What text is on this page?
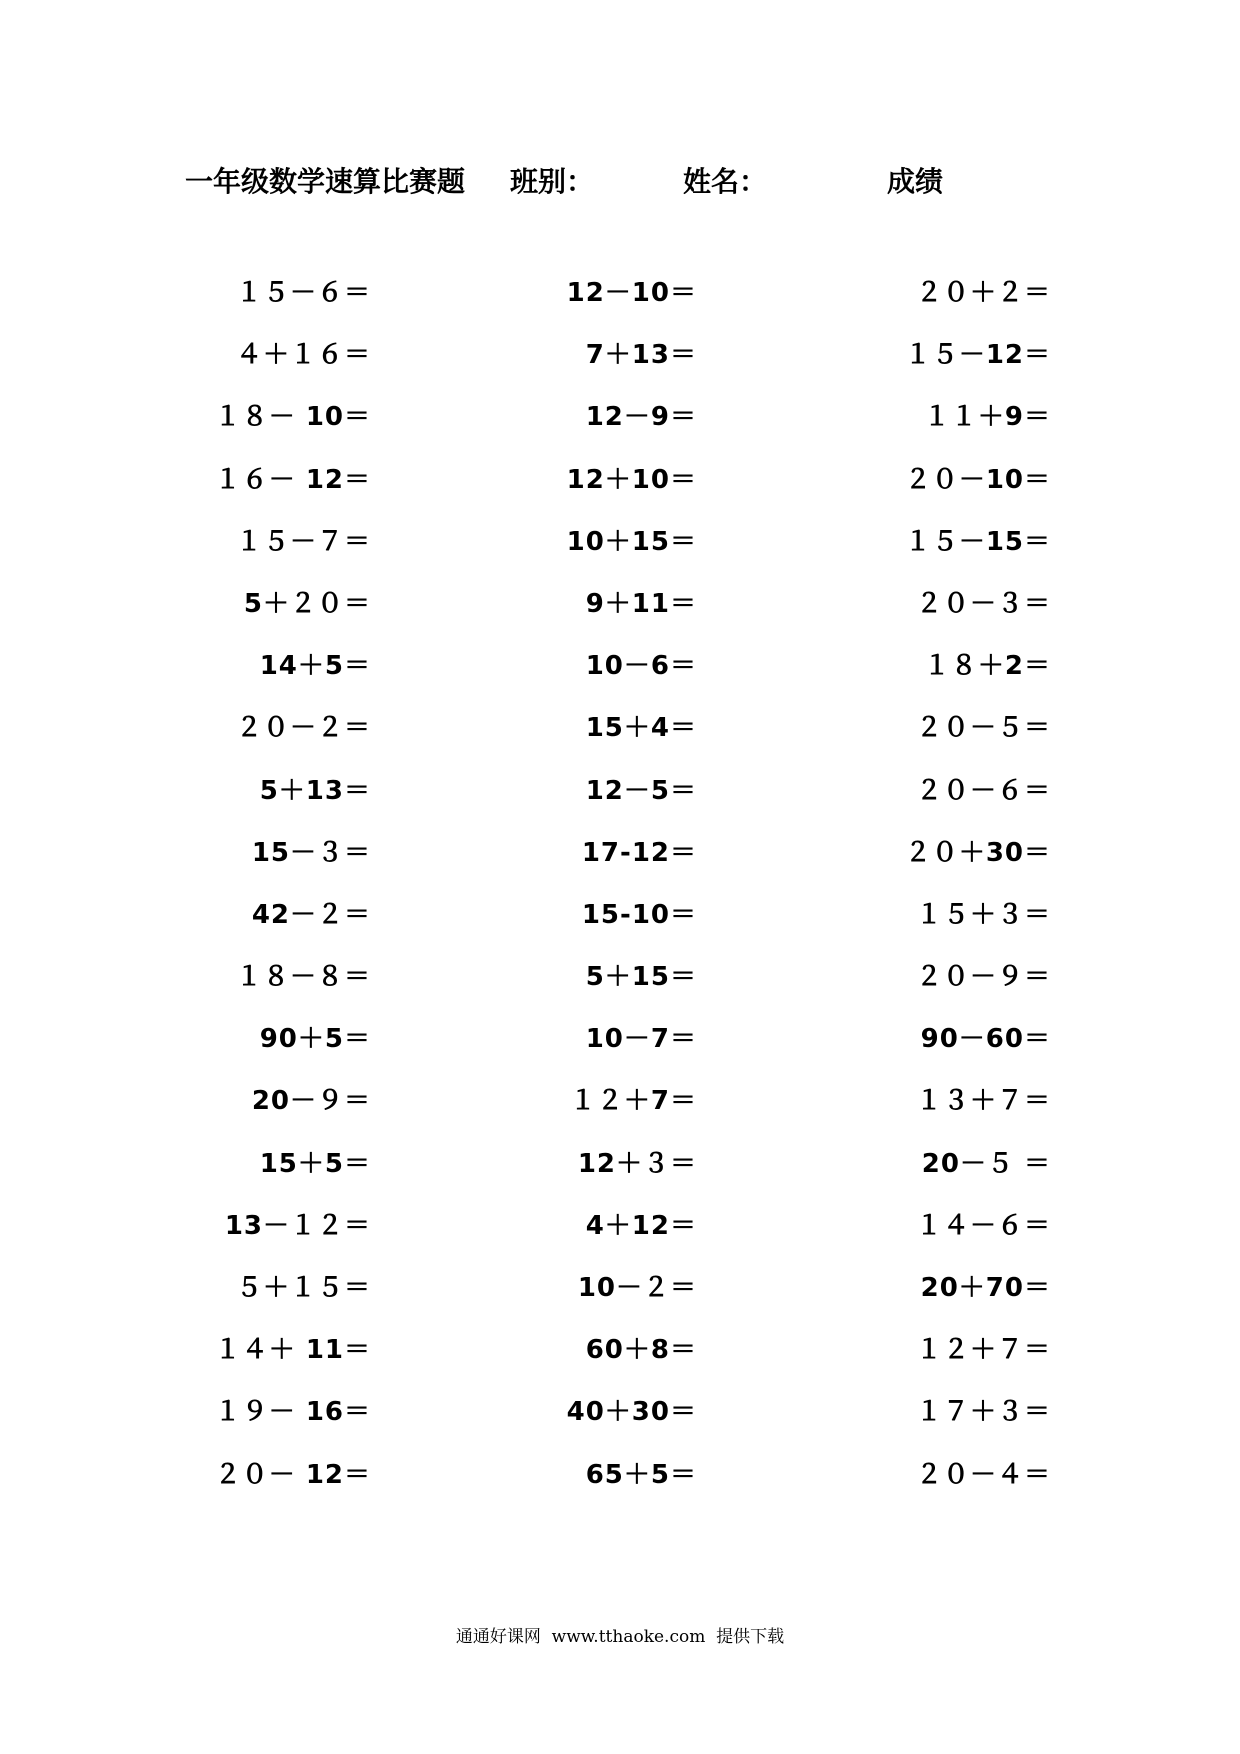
一年级数学速算比赛题 班别：	姓名：	成绩
１５－６＝
４＋１６＝
１８－ 10＝
１６－ 12＝
１５－７＝
5＋２０＝
14＋5＝
２０－２＝
5＋13＝
15－３＝
42－２＝
１８－８＝
90＋5＝
20－９＝
15＋5＝
13－１２＝
５＋１５＝
１４＋ 11＝
１９－ 16＝
２０－ 12＝
12－10＝
7＋13＝
12－9＝
12＋10＝
10＋15＝
9＋11＝
10－6＝
15＋4＝
12－5＝
17-12＝
15-10＝
5＋15＝
10－7＝
１２＋7＝
12＋３＝
4＋12＝
10－２＝
60＋8＝
40＋30＝
65＋5＝
２０＋２＝
１５－12＝
１１＋9＝
２０－10＝
１５－15＝
２０－３＝
１８＋2＝
２０－５＝
２０－６＝
２０＋30＝
１５＋３＝
２０－９＝
90－60＝
１３＋７＝
20－５ ＝
１４－６＝
20＋70＝
１２＋７＝
１７＋３＝
２０－４＝
通通好课网  www.tthaoke.com  提供下载
